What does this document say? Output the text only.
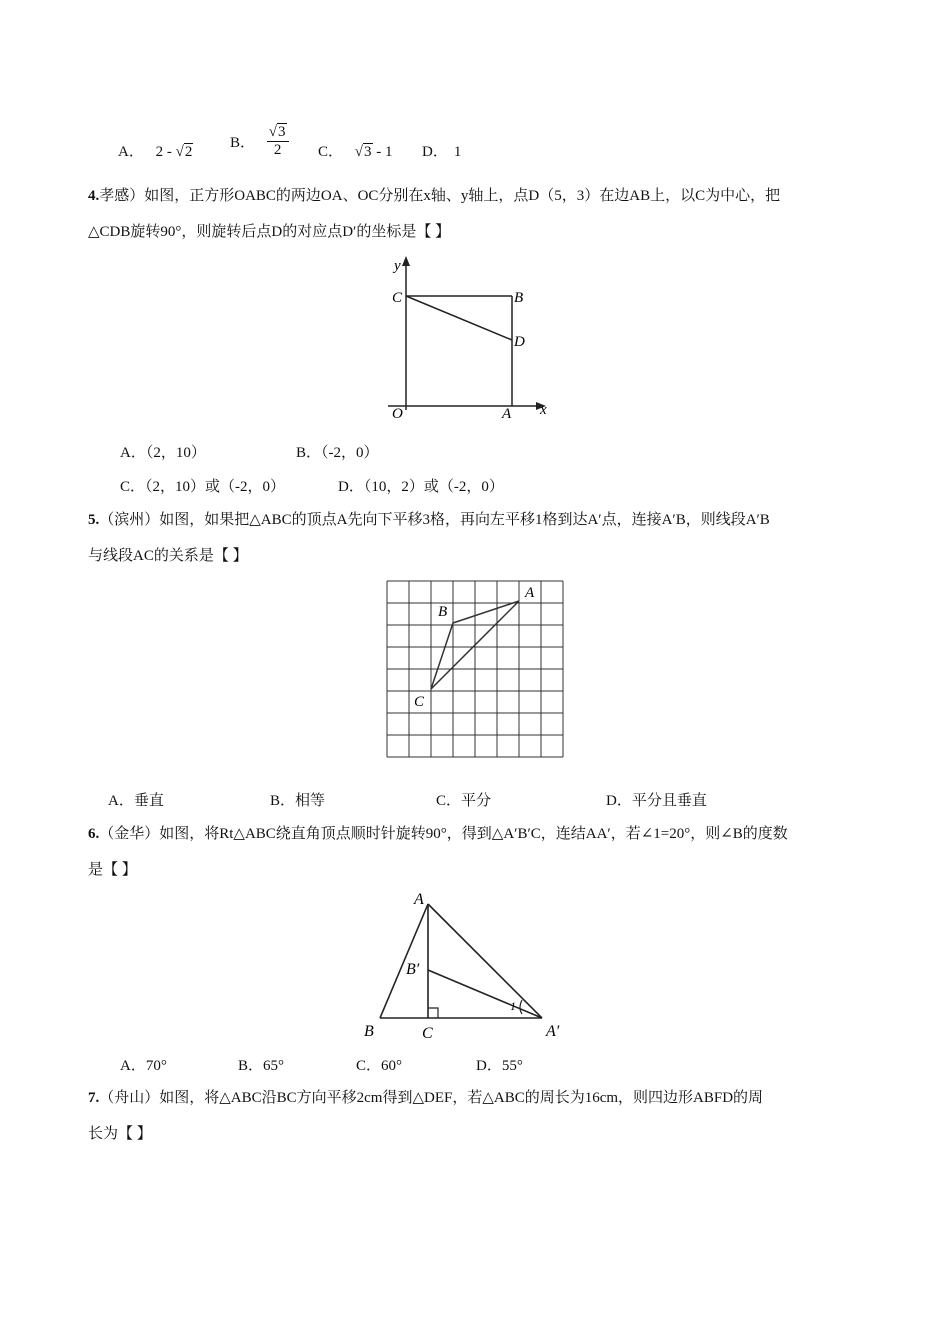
A． 2 - √2
B． $\frac{√3}{2}$ C． √3 - 1 D． 1
4.孝感）如图，正方形OABC的两边OA、OC分别在x轴、y轴上，点D（5，3）在边AB上，以C为中心，把
△CDB旋转90°，则旋转后点D的对应点D′的坐标是【 】
y
x
C	B
D
O	A
A．（2，10）	B．（-2，0）
C．（2，10）或（-2，0）	D．（10，2）或（-2，0）
5.（滨州）如图，如果把△ABC的顶点A先向下平移3格，再向左平移1格到达A′点，连接A′B，则线段A′B
与线段AC的关系是【 】
A
B
C
A．垂直	B．相等	C．平分	D．平分且垂直
6.（金华）如图，将Rt△ABC绕直角顶点顺时针旋转90°，得到△A′B′C，连结AA′，若∠1=20°，则∠B的度数
是【 】
A
B′
B	C	A′
1
A．70°	B．65°	C．60°	D．55°
7.（舟山）如图，将△ABC沿BC方向平移2cm得到△DEF，若△ABC的周长为16cm，则四边形ABFD的周
长为【 】
